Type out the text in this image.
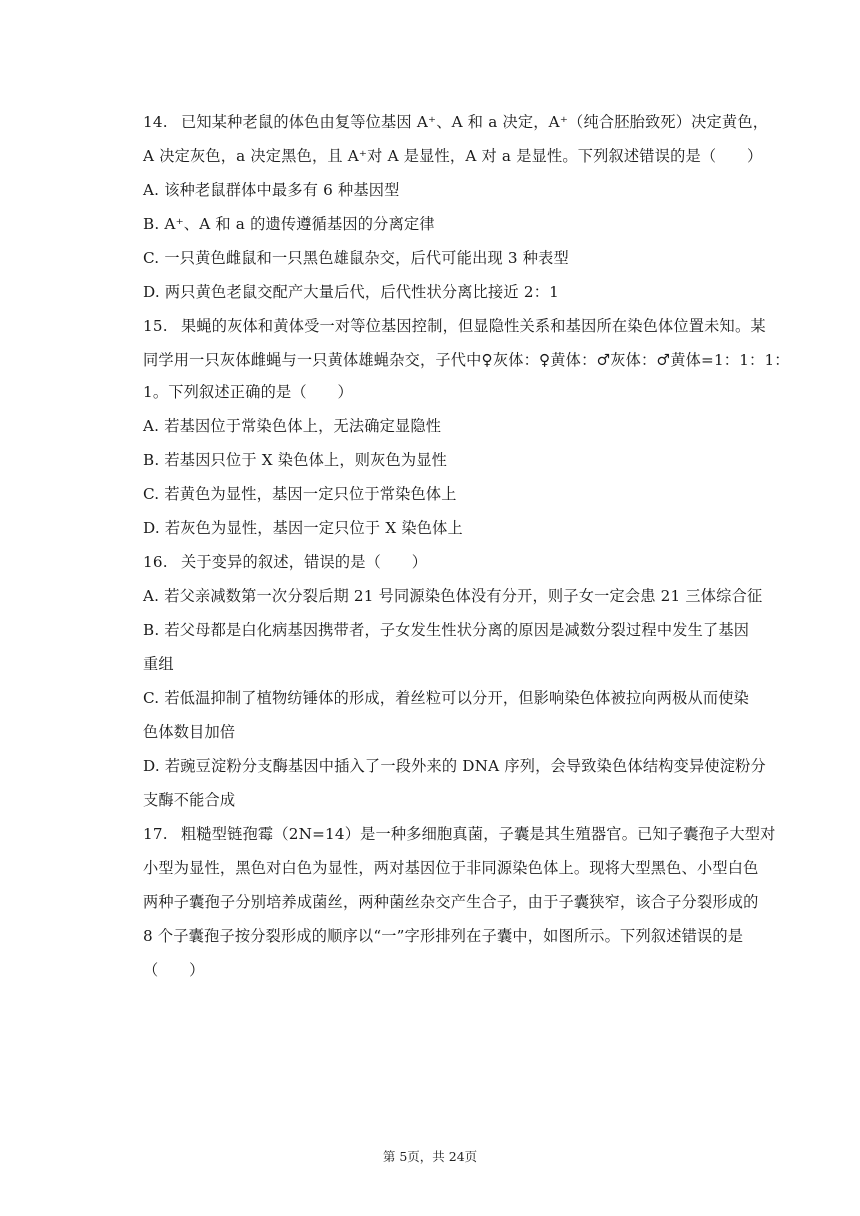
14. 已知某种老鼠的体色由复等位基因 A⁺、A 和 a 决定，A⁺（纯合胚胎致死）决定黄色，
A 决定灰色，a 决定黑色，且 A⁺对 A 是显性，A 对 a 是显性。下列叙述错误的是（　　）
A. 该种老鼠群体中最多有 6 种基因型
B. A⁺、A 和 a 的遗传遵循基因的分离定律
C. 一只黄色雌鼠和一只黑色雄鼠杂交，后代可能出现 3 种表型
D. 两只黄色老鼠交配产大量后代，后代性状分离比接近 2：1
15. 果蝇的灰体和黄体受一对等位基因控制，但显隐性关系和基因所在染色体位置未知。某
同学用一只灰体雌蝇与一只黄体雄蝇杂交，子代中♀灰体：♀黄体：♂灰体：♂黄体=1：1：1：
1。下列叙述正确的是（　　）
A. 若基因位于常染色体上，无法确定显隐性
B. 若基因只位于 X 染色体上，则灰色为显性
C. 若黄色为显性，基因一定只位于常染色体上
D. 若灰色为显性，基因一定只位于 X 染色体上
16. 关于变异的叙述，错误的是（　　）
A. 若父亲减数第一次分裂后期 21 号同源染色体没有分开，则子女一定会患 21 三体综合征
B. 若父母都是白化病基因携带者，子女发生性状分离的原因是减数分裂过程中发生了基因
重组
C. 若低温抑制了植物纺锤体的形成，着丝粒可以分开，但影响染色体被拉向两极从而使染
色体数目加倍
D. 若豌豆淀粉分支酶基因中插入了一段外来的 DNA 序列，会导致染色体结构变异使淀粉分
支酶不能合成
17. 粗糙型链孢霉（2N=14）是一种多细胞真菌，子囊是其生殖器官。已知子囊孢子大型对
小型为显性，黑色对白色为显性，两对基因位于非同源染色体上。现将大型黑色、小型白色
两种子囊孢子分别培养成菌丝，两种菌丝杂交产生合子，由于子囊狭窄，该合子分裂形成的
8 个子囊孢子按分裂形成的顺序以“一”字形排列在子囊中，如图所示。下列叙述错误的是
（　　）
第 5页，共 24页
